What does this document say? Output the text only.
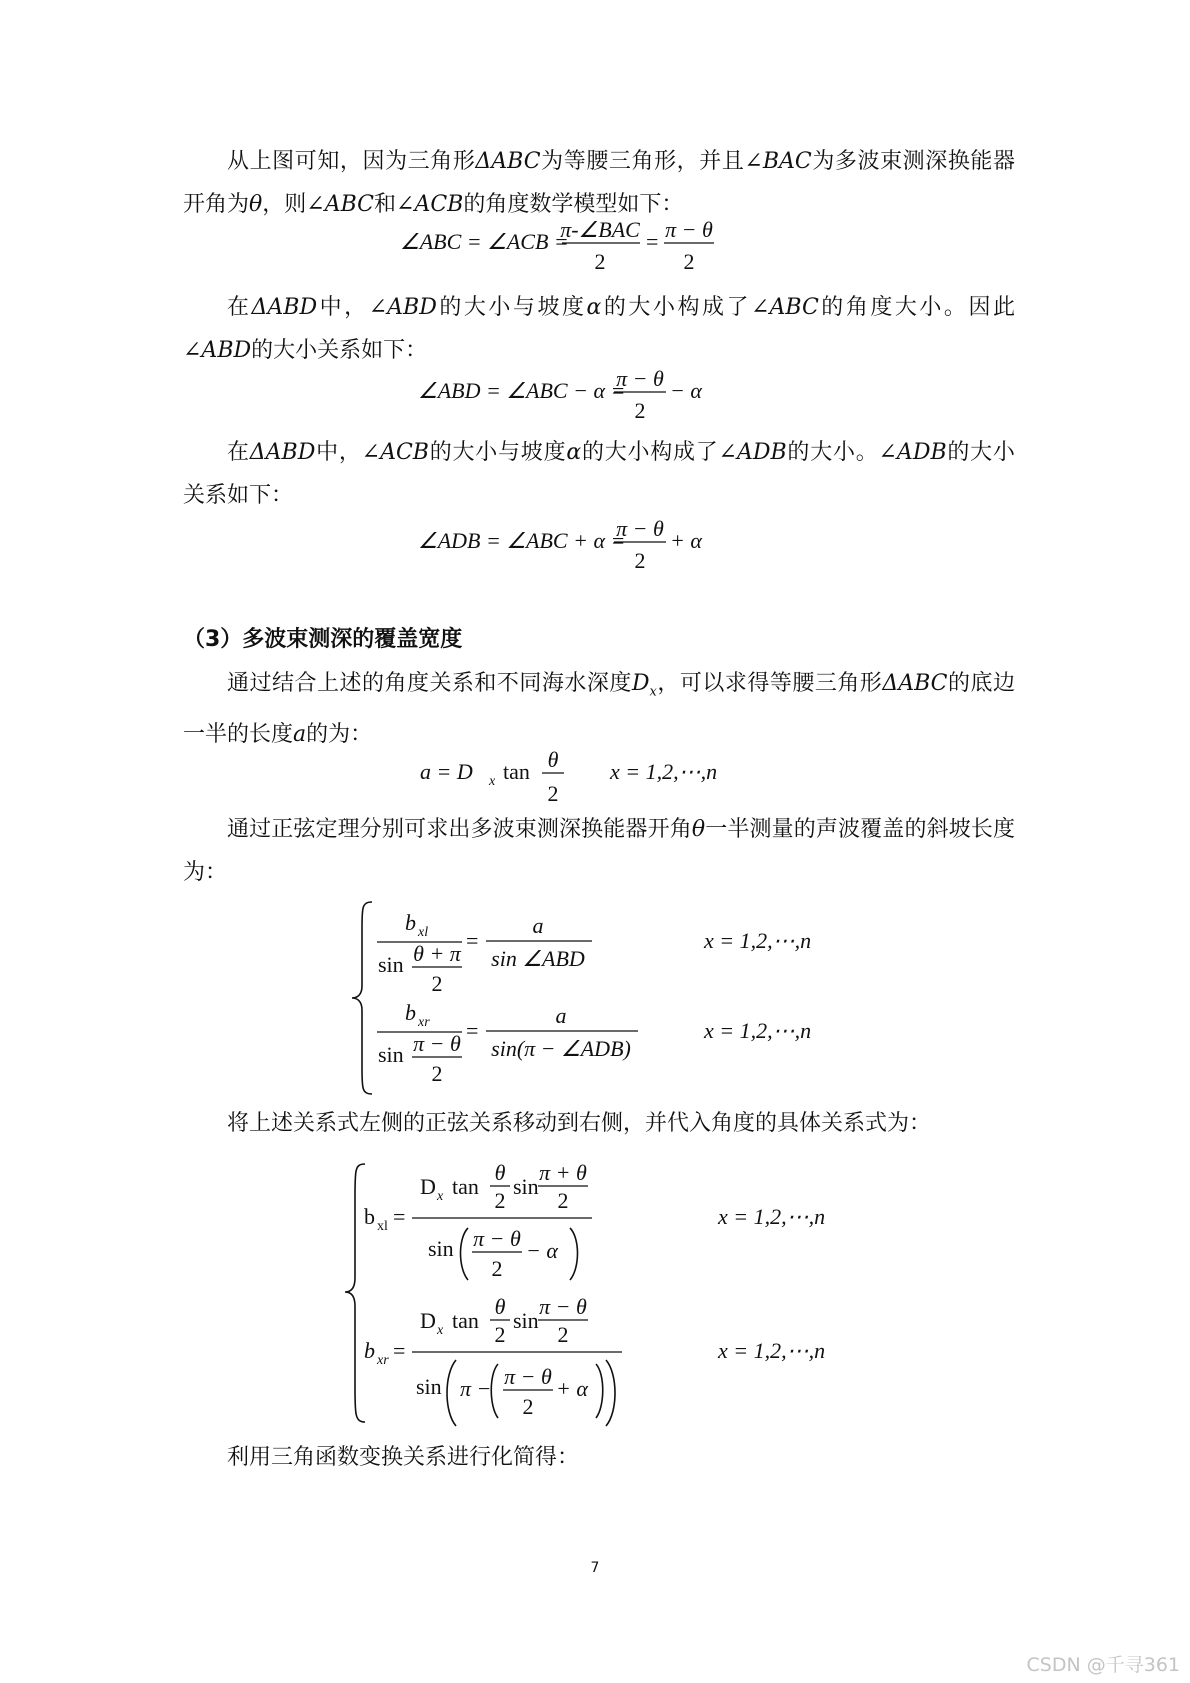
从上图可知，因为三角形ΔABC为等腰三角形，并且∠BAC为多波束测深换能器开角为θ，则∠ABC和∠ACB的角度数学模型如下：

∠ABC = ∠ACB =
π-∠BAC
2
= π − θ
2

在ΔABD中，∠ABD的大小与坡度α的大小构成了∠ABC的角度大小。因此∠ABD的大小关系如下：

∠ABD = ∠ABC − α =
π − θ
2
− α

在ΔABD中，∠ACB的大小与坡度α的大小构成了∠ADB的大小。∠ADB的大小关系如下：

∠ADB = ∠ABC + α =
π − θ
2
+ α
（3）多波束测深的覆盖宽度

通过结合上述的角度关系和不同海水深度$D_x$，可以求得等腰三角形ΔABC的底边一半的长度a的为：

a = D x tan θ
2
x = 1,2,⋯,n

通过正弦定理分别可求出多波束测深换能器开角θ一半测量的声波覆盖的斜坡长度为：

b xl
sin θ + π
2
=
a
sin ∠ABD
x = 1,2,⋯,n
b xr
sin π − θ
2
=
a
sin(π − ∠ADB)
x = 1,2,⋯,n

将上述关系式左侧的正弦关系移动到右侧，并代入角度的具体关系式为：

b xl =
D x tan
θ
2
sin
π + θ
2
sin π − θ
2
− α
x = 1,2,⋯,n
b xr =
D x tan
θ
2
sin
π − θ
2
sin π − π − θ
2
+ α
x = 1,2,⋯,n

利用三角函数变换关系进行化简得：

7
CSDN @千寻361
